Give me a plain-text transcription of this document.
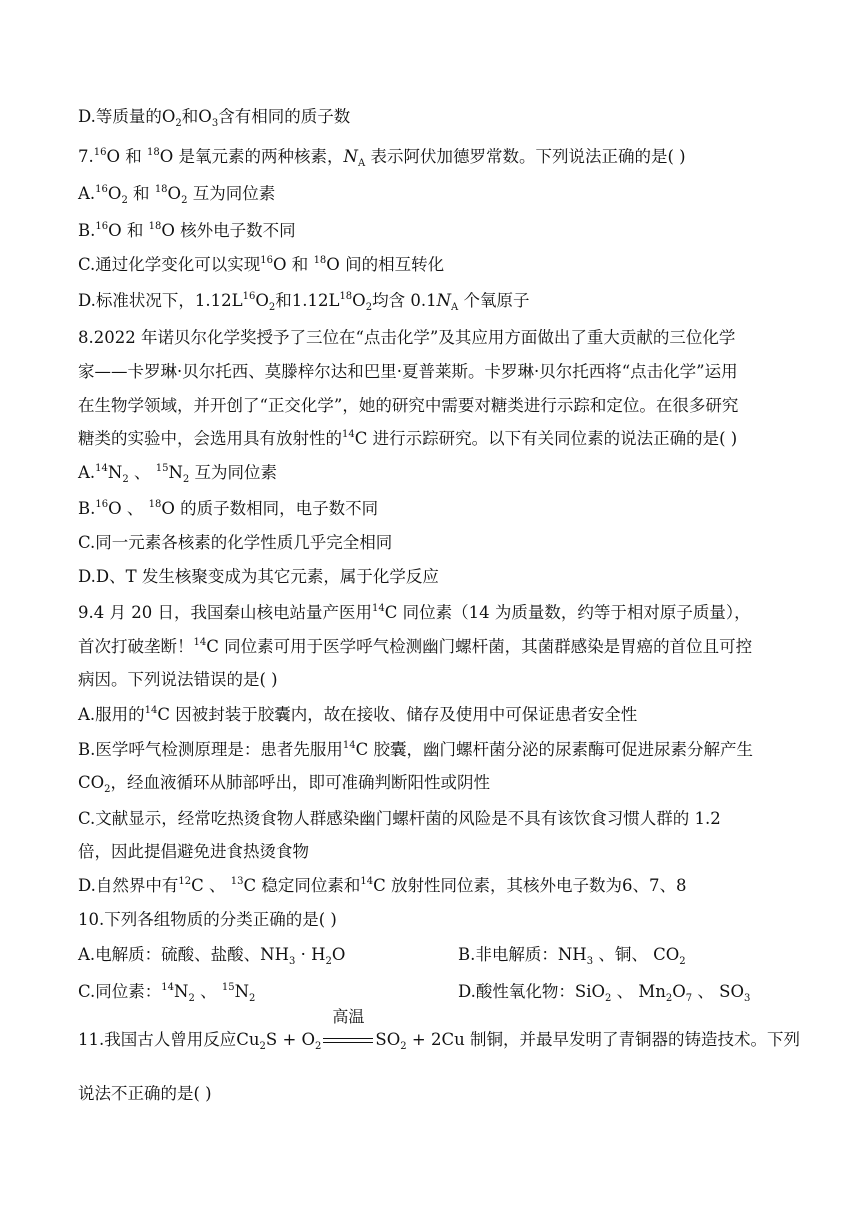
D.等质量的$O_2$和$O_3$含有相同的质子数
7.16O 和 $^{18}$O 是氧元素的两种核素，$N_A$ 表示阿伏加德罗常数。下列说法正确的是( )
$A.^{16}O_2$ 和 $^{18}O_2$ 互为同位素
B.$^{16}$O 和 $^{18}$O 核外电子数不同
C.通过化学变化可以实现$^{16}$O 和 $^{18}$O 间的相互转化
D.标准状况下，$1.12L^{16}O_2$和$1.12L^{18}O_2$均含 $0.1N_A$ 个氧原子
8.2022 年诺贝尔化学奖授予了三位在“点击化学”及其应用方面做出了重大贡献的三位化学
家——卡罗琳·贝尔托西、莫滕梓尔达和巴里·夏普莱斯。卡罗琳·贝尔托西将“点击化学”运用
在生物学领域，并开创了“正交化学”，她的研究中需要对糖类进行示踪和定位。在很多研究
糖类的实验中，会选用具有放射性的$^{14}$C 进行示踪研究。以下有关同位素的说法正确的是( )
$A.^{14}N_2$ 、 $^{15}N_2$ 互为同位素
B.$^{16}$O 、 $^{18}$O 的质子数相同，电子数不同
C.同一元素各核素的化学性质几乎完全相同
D.D、T 发生核聚变成为其它元素，属于化学反应
9.4 月 20 日，我国秦山核电站量产医用$^{14}$C 同位素（14 为质量数，约等于相对原子质量），
首次打破垄断！$^{14}$C 同位素可用于医学呼气检测幽门螺杆菌，其菌群感染是胃癌的首位且可控
病因。下列说法错误的是( )
A.服用的$^{14}$C 因被封装于胶囊内，故在接收、储存及使用中可保证患者安全性
B.医学呼气检测原理是：患者先服用$^{14}$C 胶囊，幽门螺杆菌分泌的尿素酶可促进尿素分解产生
$CO_2$，经血液循环从肺部呼出，即可准确判断阳性或阴性
C.文献显示，经常吃热烫食物人群感染幽门螺杆菌的风险是不具有该饮食习惯人群的 1.2
倍，因此提倡避免进食热烫食物
D.自然界中有$^{12}$C 、 $^{13}$C 稳定同位素和$^{14}$C 放射性同位素，其核外电子数为6、7、8
10.下列各组物质的分类正确的是( )
A.电解质：硫酸、盐酸、$NH_3 \cdot H_2O$	B.非电解质：$NH_3$ 、铜、 $CO_2$
C.同位素：$^{14}N_2$ 、 $^{15}N_2$	D.酸性氧化物：SiO$_2$ 、 $Mn_2O_7$ 、 $SO_3$
11.我国古人曾用反应$Cu_2S + O_2$
高温
$SO_2 + 2Cu$ 制铜，并最早发明了青铜器的铸造技术。下列
说法不正确的是( )
